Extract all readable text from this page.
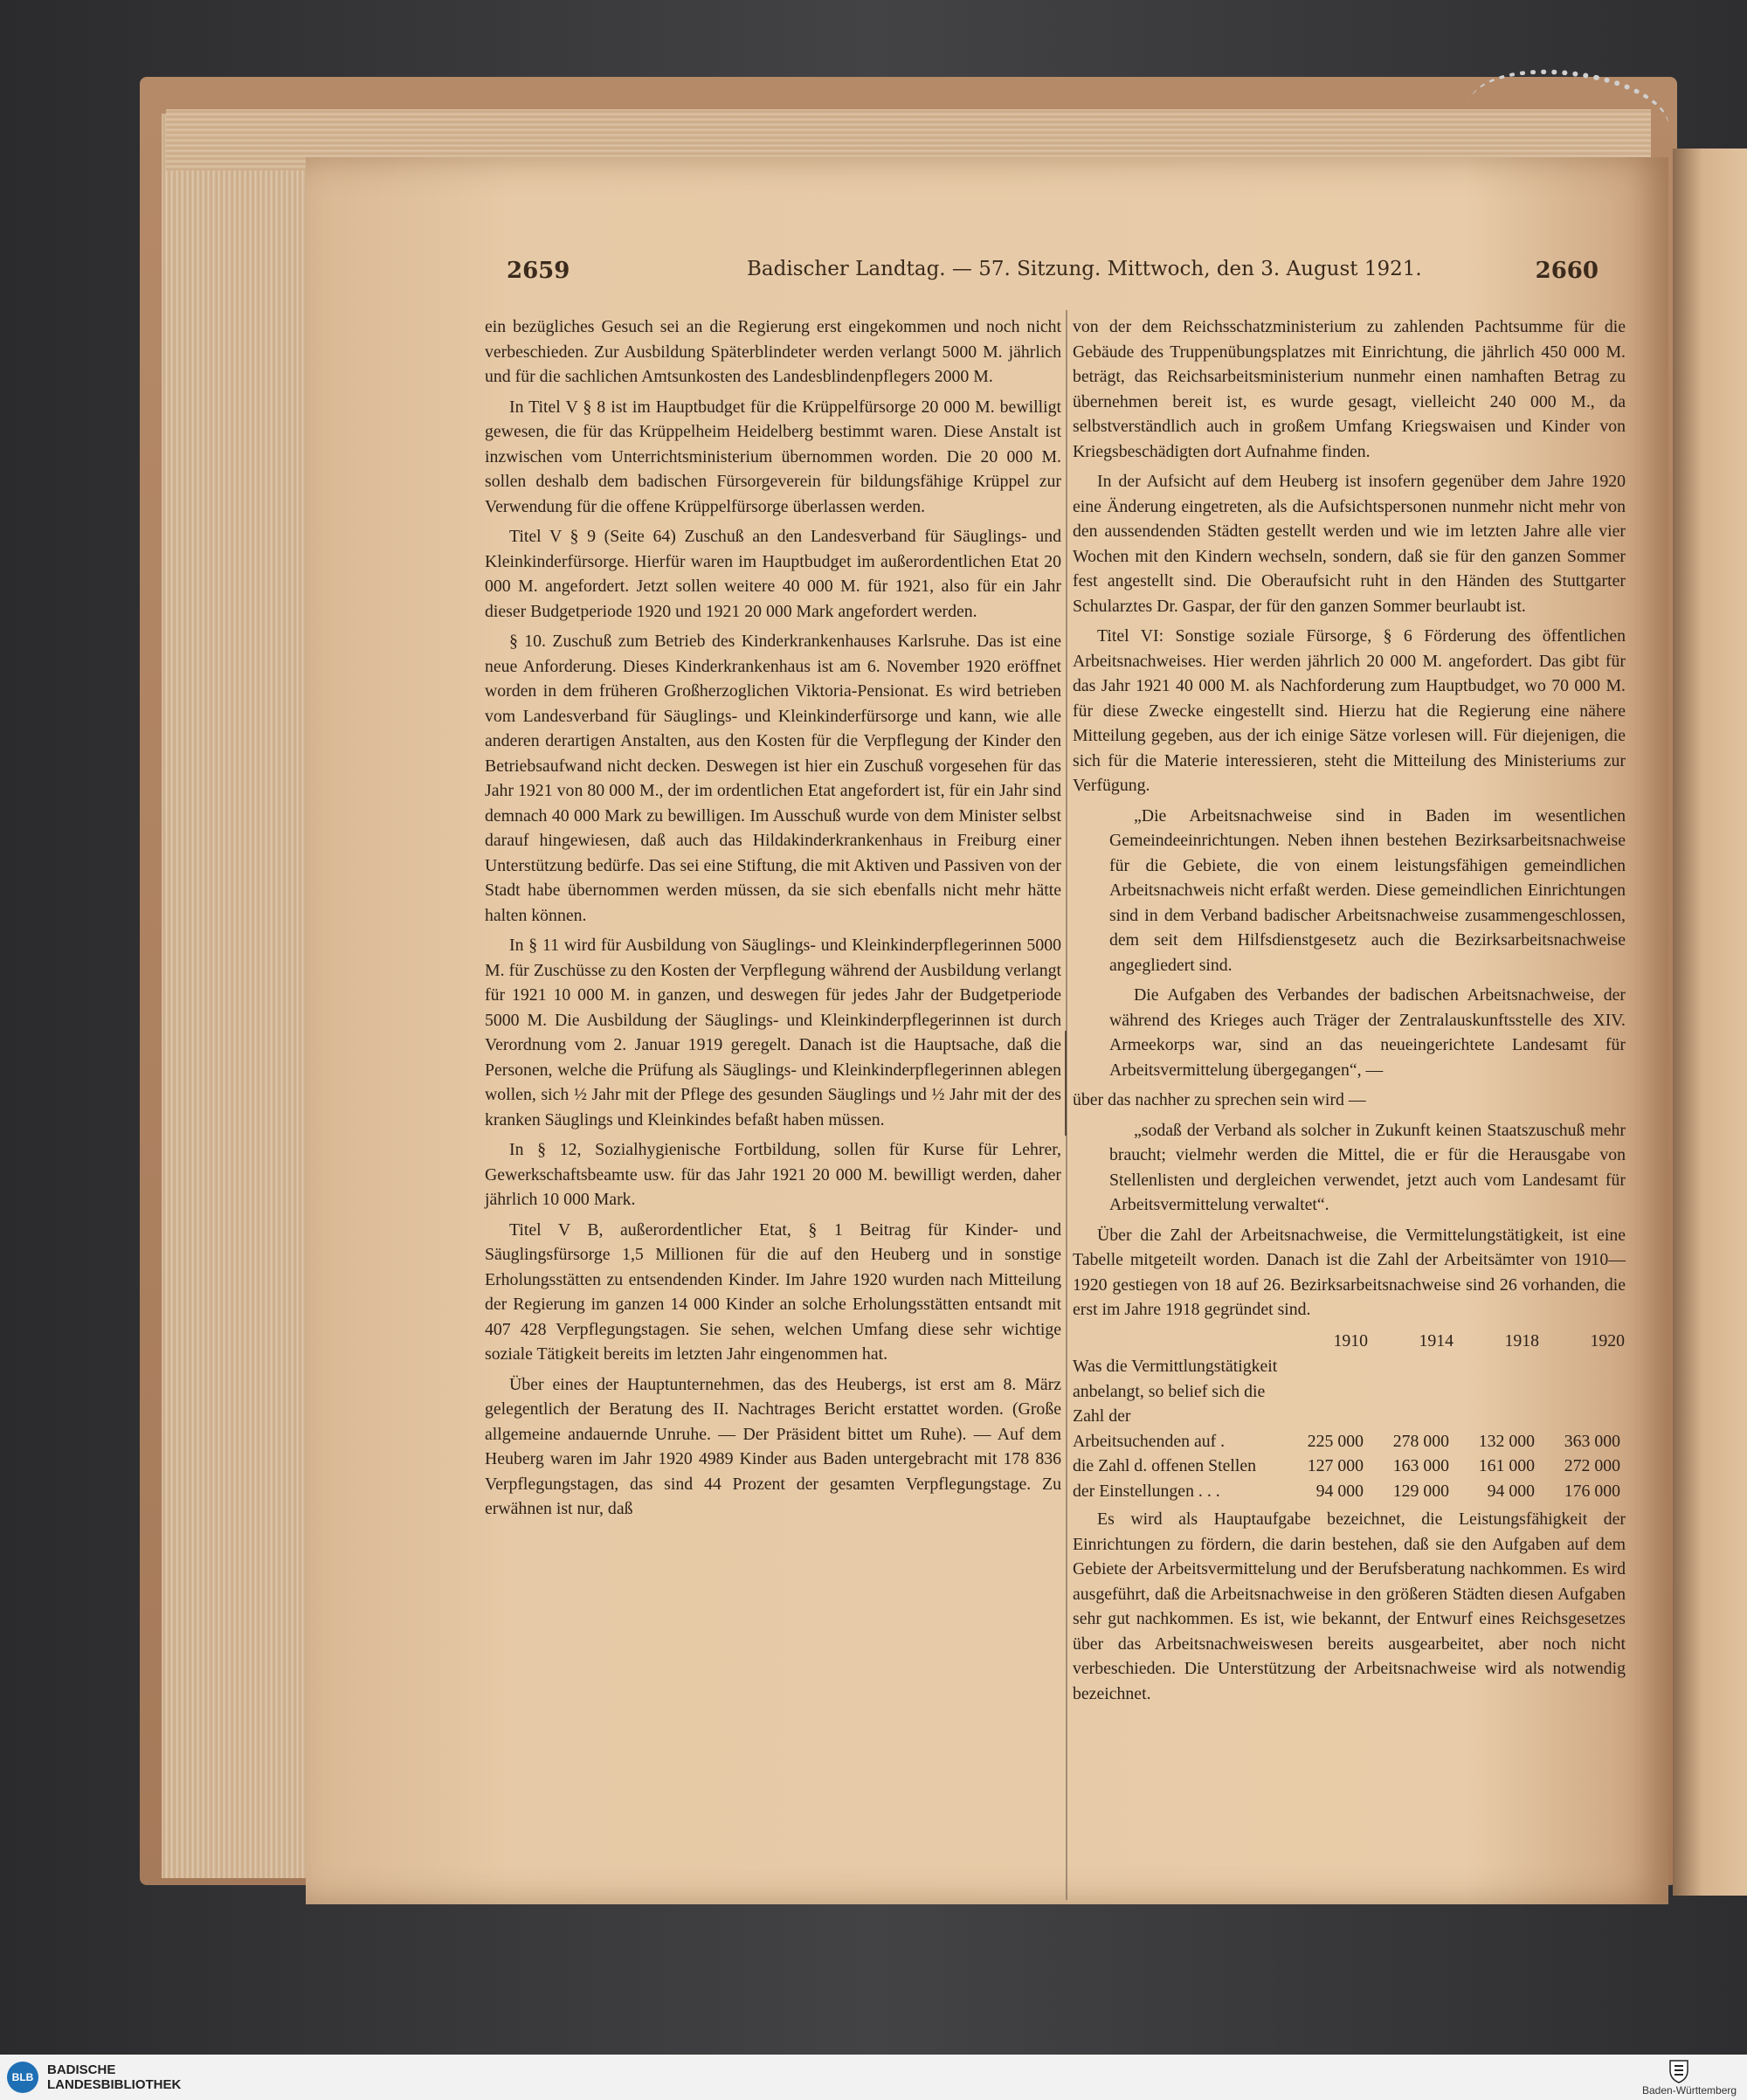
2659	Badischer Landtag. — 57. Sitzung. Mittwoch, den 3. August 1921.	2660

ein bezügliches Gesuch sei an die Regierung erst eingekommen und noch nicht verbeschieden. Zur Ausbildung Späterblindeter werden verlangt 5000 M. jährlich und für die sachlichen Amtsunkosten des Landesblindenpflegers 2000 M.

In Titel V § 8 ist im Hauptbudget für die Krüppelfürsorge 20 000 M. bewilligt gewesen, die für das Krüppelheim Heidelberg bestimmt waren. Diese Anstalt ist inzwischen vom Unterrichtsministerium übernommen worden. Die 20 000 M. sollen deshalb dem badischen Fürsorgeverein für bildungsfähige Krüppel zur Verwendung für die offene Krüppelfürsorge überlassen werden.

Titel V § 9 (Seite 64) Zuschuß an den Landesverband für Säuglings- und Kleinkinderfürsorge. Hierfür waren im Hauptbudget im außerordentlichen Etat 20 000 M. angefordert. Jetzt sollen weitere 40 000 M. für 1921, also für ein Jahr dieser Budgetperiode 1920 und 1921 20 000 Mark angefordert werden.

§ 10. Zuschuß zum Betrieb des Kinderkrankenhauses Karlsruhe. Das ist eine neue Anforderung. Dieses Kinderkrankenhaus ist am 6. November 1920 eröffnet worden in dem früheren Großherzoglichen Viktoria-Pensionat. Es wird betrieben vom Landesverband für Säuglings- und Kleinkinderfürsorge und kann, wie alle anderen derartigen Anstalten, aus den Kosten für die Verpflegung der Kinder den Betriebsaufwand nicht decken. Deswegen ist hier ein Zuschuß vorgesehen für das Jahr 1921 von 80 000 M., der im ordentlichen Etat angefordert ist, für ein Jahr sind demnach 40 000 Mark zu bewilligen. Im Ausschuß wurde von dem Minister selbst darauf hingewiesen, daß auch das Hildakinderkrankenhaus in Freiburg einer Unterstützung bedürfe. Das sei eine Stiftung, die mit Aktiven und Passiven von der Stadt habe übernommen werden müssen, da sie sich ebenfalls nicht mehr hätte halten können.

In § 11 wird für Ausbildung von Säuglings- und Kleinkinderpflegerinnen 5000 M. für Zuschüsse zu den Kosten der Verpflegung während der Ausbildung verlangt für 1921 10 000 M. in ganzen, und deswegen für jedes Jahr der Budgetperiode 5000 M. Die Ausbildung der Säuglings- und Kleinkinderpflegerinnen ist durch Verordnung vom 2. Januar 1919 geregelt. Danach ist die Hauptsache, daß die Personen, welche die Prüfung als Säuglings- und Kleinkinderpflegerinnen ablegen wollen, sich ½ Jahr mit der Pflege des gesunden Säuglings und ½ Jahr mit der des kranken Säuglings und Kleinkindes befaßt haben müssen.

In § 12, Sozialhygienische Fortbildung, sollen für Kurse für Lehrer, Gewerkschaftsbeamte usw. für das Jahr 1921 20 000 M. bewilligt werden, daher jährlich 10 000 Mark.

Titel V B, außerordentlicher Etat, § 1 Beitrag für Kinder- und Säuglingsfürsorge 1,5 Millionen für die auf den Heuberg und in sonstige Erholungsstätten zu entsendenden Kinder. Im Jahre 1920 wurden nach Mitteilung der Regierung im ganzen 14 000 Kinder an solche Erholungsstätten entsandt mit 407 428 Verpflegungstagen. Sie sehen, welchen Umfang diese sehr wichtige soziale Tätigkeit bereits im letzten Jahr eingenommen hat.

Über eines der Hauptunternehmen, das des Heubergs, ist erst am 8. März gelegentlich der Beratung des II. Nachtrages Bericht erstattet worden. (Große allgemeine andauernde Unruhe. — Der Präsident bittet um Ruhe). — Auf dem Heuberg waren im Jahr 1920 4989 Kinder aus Baden untergebracht mit 178 836 Verpflegungstagen, das sind 44 Prozent der gesamten Verpflegungstage. Zu erwähnen ist nur, daß

von der dem Reichsschatzministerium zu zahlenden Pachtsumme für die Gebäude des Truppenübungsplatzes mit Einrichtung, die jährlich 450 000 M. beträgt, das Reichsarbeitsministerium nunmehr einen namhaften Betrag zu übernehmen bereit ist, es wurde gesagt, vielleicht 240 000 M., da selbstverständlich auch in großem Umfang Kriegswaisen und Kinder von Kriegsbeschädigten dort Aufnahme finden.

In der Aufsicht auf dem Heuberg ist insofern gegenüber dem Jahre 1920 eine Änderung eingetreten, als die Aufsichtspersonen nunmehr nicht mehr von den aussendenden Städten gestellt werden und wie im letzten Jahre alle vier Wochen mit den Kindern wechseln, sondern, daß sie für den ganzen Sommer fest angestellt sind. Die Oberaufsicht ruht in den Händen des Stuttgarter Schularztes Dr. Gaspar, der für den ganzen Sommer beurlaubt ist.

Titel VI: Sonstige soziale Fürsorge, § 6 Förderung des öffentlichen Arbeitsnachweises. Hier werden jährlich 20 000 M. angefordert. Das gibt für das Jahr 1921 40 000 M. als Nachforderung zum Hauptbudget, wo 70 000 M. für diese Zwecke eingestellt sind. Hierzu hat die Regierung eine nähere Mitteilung gegeben, aus der ich einige Sätze vorlesen will. Für diejenigen, die sich für die Materie interessieren, steht die Mitteilung des Ministeriums zur Verfügung.

„Die Arbeitsnachweise sind in Baden im wesentlichen Gemeindeeinrichtungen. Neben ihnen bestehen Bezirksarbeitsnachweise für die Gebiete, die von einem leistungsfähigen gemeindlichen Arbeitsnachweis nicht erfaßt werden. Diese gemeindlichen Einrichtungen sind in dem Verband badischer Arbeitsnachweise zusammengeschlossen, dem seit dem Hilfsdienstgesetz auch die Bezirksarbeitsnachweise angegliedert sind.

Die Aufgaben des Verbandes der badischen Arbeitsnachweise, der während des Krieges auch Träger der Zentralauskunftsstelle des XIV. Armeekorps war, sind an das neueingerichtete Landesamt für Arbeitsvermittelung übergegangen“, —

über das nachher zu sprechen sein wird —

„sodaß der Verband als solcher in Zukunft keinen Staatszuschuß mehr braucht; vielmehr werden die Mittel, die er für die Herausgabe von Stellenlisten und dergleichen verwendet, jetzt auch vom Landesamt für Arbeitsvermittelung verwaltet“.

Über die Zahl der Arbeitsnachweise, die Vermittelungstätigkeit, ist eine Tabelle mitgeteilt worden. Danach ist die Zahl der Arbeitsämter von 1910—1920 gestiegen von 18 auf 26. Bezirksarbeitsnachweise sind 26 vorhanden, die erst im Jahre 1918 gegründet sind.

	1910	1914	1918	1920

Was die Vermittlungstätigkeit anbelangt, so belief sich die Zahl der				

Arbeitsuchenden auf .	225 000	278 000	132 000	363 000
die Zahl d. offenen Stellen	127 000	163 000	161 000	272 000
der Einstellungen . . .	94 000	129 000	94 000	176 000

Es wird als Hauptaufgabe bezeichnet, die Leistungsfähigkeit der Einrichtungen zu fördern, die darin bestehen, daß sie den Aufgaben auf dem Gebiete der Arbeitsvermittelung und der Berufsberatung nachkommen. Es wird ausgeführt, daß die Arbeitsnachweise in den größeren Städten diesen Aufgaben sehr gut nachkommen. Es ist, wie bekannt, der Entwurf eines Reichsgesetzes über das Arbeitsnachweiswesen bereits ausgearbeitet, aber noch nicht verbeschieden. Die Unterstützung der Arbeitsnachweise wird als notwendig bezeichnet.

BLB BADISCHE
LANDESBIBLIOTHEK	Baden-Württemberg
